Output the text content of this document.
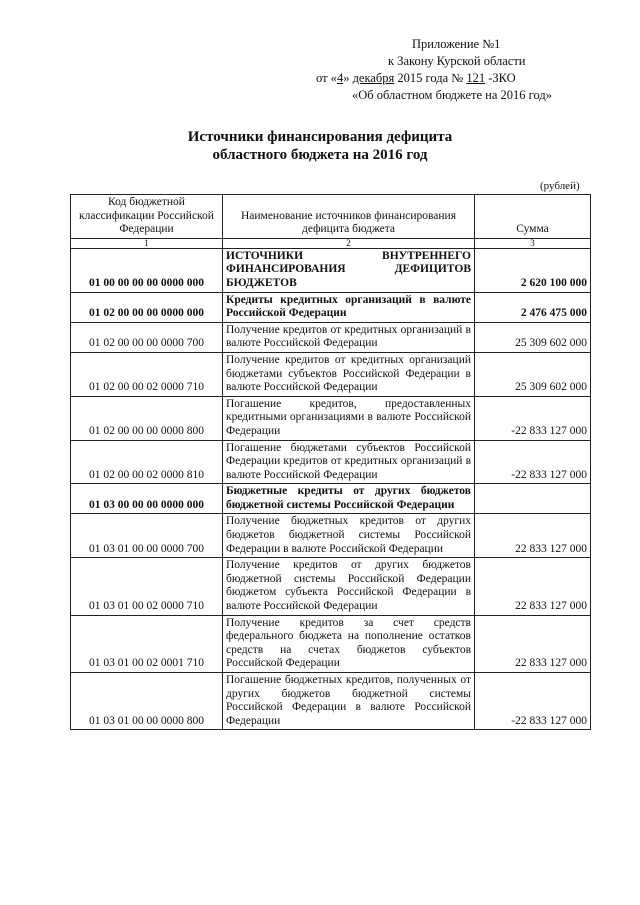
Приложение №1
к Закону Курской области
от «4» декабря 2015 года № 121 -ЗКО
«Об областном бюджете на 2016 год»
Источники финансирования дефицита
областного бюджета на 2016 год
(рублей)
Код бюджетной классификации Российской Федерации	Наименование источников финансирования дефицита бюджета	Сумма
1	2	3
01 00 00 00 00 0000 000	ИСТОЧНИКИ ВНУТРЕННЕГО ФИНАНСИРОВАНИЯ ДЕФИЦИТОВ БЮДЖЕТОВ	2 620 100 000
01 02 00 00 00 0000 000	Кредиты кредитных организаций в валюте Российской Федерации	2 476 475 000
01 02 00 00 00 0000 700	Получение кредитов от кредитных организаций в валюте Российской Федерации	25 309 602 000
01 02 00 00 02 0000 710	Получение кредитов от кредитных организаций бюджетами субъектов Российской Федерации в валюте Российской Федерации	25 309 602 000
01 02 00 00 00 0000 800	Погашение кредитов, предоставленных кредитными организациями в валюте Российской Федерации	-22 833 127 000
01 02 00 00 02 0000 810	Погашение бюджетами субъектов Российской Федерации кредитов от кредитных организаций в валюте Российской Федерации	-22 833 127 000
01 03 00 00 00 0000 000	Бюджетные кредиты от других бюджетов бюджетной системы Российской Федерации	
01 03 01 00 00 0000 700	Получение бюджетных кредитов от других бюджетов бюджетной системы Российской Федерации в валюте Российской Федерации	22 833 127 000
01 03 01 00 02 0000 710	Получение кредитов от других бюджетов бюджетной системы Российской Федерации бюджетом субъекта Российской Федерации в валюте Российской Федерации	22 833 127 000
01 03 01 00 02 0001 710	Получение кредитов за счет средств федерального бюджета на пополнение остатков средств на счетах бюджетов субъектов Российской Федерации	22 833 127 000
01 03 01 00 00 0000 800	Погашение бюджетных кредитов, полученных от других бюджетов бюджетной системы Российской Федерации в валюте Российской Федерации	-22 833 127 000
